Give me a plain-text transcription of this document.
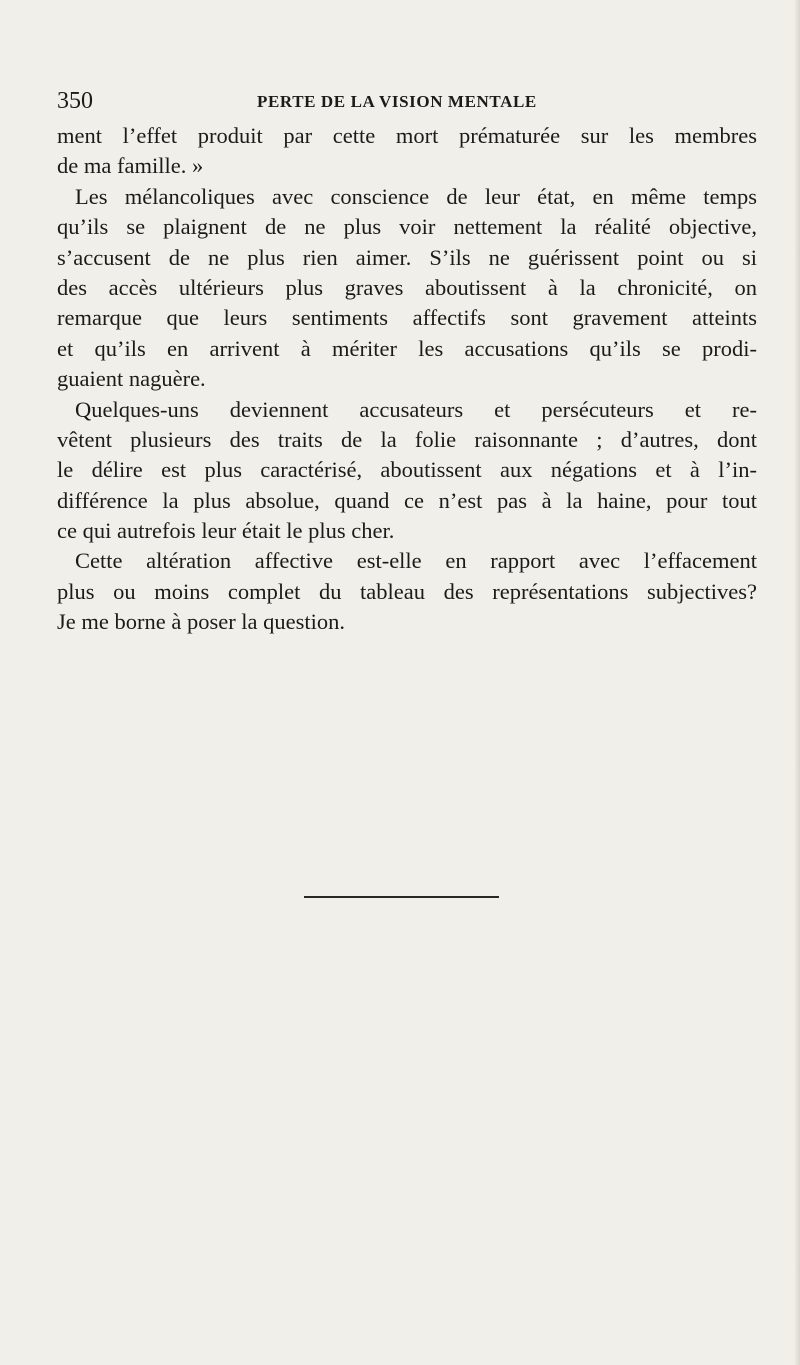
350	PERTE DE LA VISION MENTALE
ment l’effet produit par cette mort prématurée sur les membres
de ma famille. »
Les mélancoliques avec conscience de leur état, en même temps
qu’ils se plaignent de ne plus voir nettement la réalité objective,
s’accusent de ne plus rien aimer. S’ils ne guérissent point ou si
des accès ultérieurs plus graves aboutissent à la chronicité, on
remarque que leurs sentiments affectifs sont gravement atteints
et qu’ils en arrivent à mériter les accusations qu’ils se prodi-
guaient naguère.
Quelques-uns deviennent accusateurs et persécuteurs et re-
vêtent plusieurs des traits de la folie raisonnante ; d’autres, dont
le délire est plus caractérisé, aboutissent aux négations et à l’in-
différence la plus absolue, quand ce n’est pas à la haine, pour tout
ce qui autrefois leur était le plus cher.
Cette altération affective est-elle en rapport avec l’effacement
plus ou moins complet du tableau des représentations subjectives?
Je me borne à poser la question.
